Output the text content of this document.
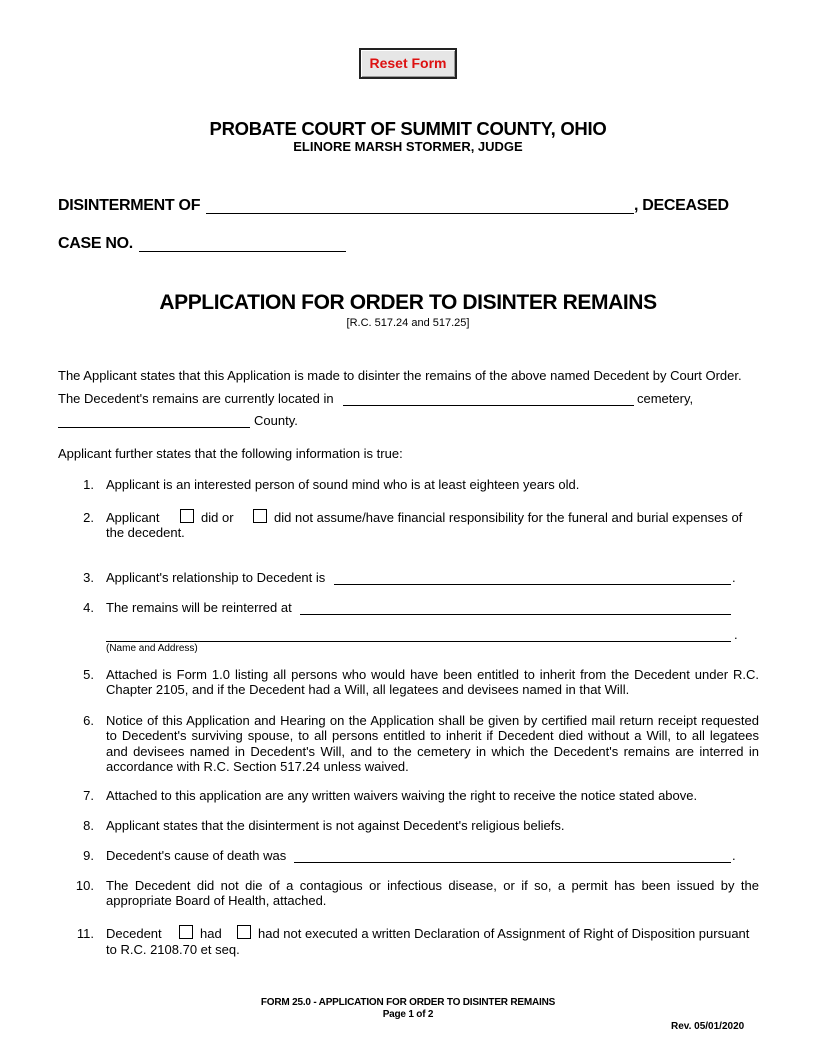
Reset Form
PROBATE COURT OF SUMMIT COUNTY, OHIO
ELINORE MARSH STORMER, JUDGE
DISINTERMENT OF	, DECEASED
CASE NO.
APPLICATION FOR ORDER TO DISINTER REMAINS
[R.C. 517.24 and 517.25]
The Applicant states that this Application is made to disinter the remains of the above named Decedent by Court Order.
The Decedent's remains are currently located in	cemetery,
County.
Applicant further states that the following information is true:
1. Applicant is an interested person of sound mind who is at least eighteen years old.
2. Applicant	did or	did not assume/have financial responsibility for the funeral and burial expenses of
the decedent.
3. Applicant's relationship to Decedent is	.
4. The remains will be reinterred at
.
(Name and Address)
5. Attached is Form 1.0 listing all persons who would have been entitled to inherit from the Decedent under R.C. Chapter 2105, and if the Decedent had a Will, all legatees and devisees named in that Will.
6. Notice of this Application and Hearing on the Application shall be given by certified mail return receipt requested to Decedent's surviving spouse, to all persons entitled to inherit if Decedent died without a Will, to all legatees and devisees named in Decedent's Will, and to the cemetery in which the Decedent's remains are interred in accordance with R.C. Section 517.24 unless waived.
7. Attached to this application are any written waivers waiving the right to receive the notice stated above.
8. Applicant states that the disinterment is not against Decedent's religious beliefs.
9. Decedent's cause of death was	.
10. The Decedent did not die of a contagious or infectious disease, or if so, a permit has been issued by the appropriate Board of Health, attached.
11. Decedent	had	had not executed a written Declaration of Assignment of Right of Disposition pursuant
to R.C. 2108.70 et seq.
FORM 25.0 - APPLICATION FOR ORDER TO DISINTER REMAINS
Page 1 of 2
Rev. 05/01/2020
